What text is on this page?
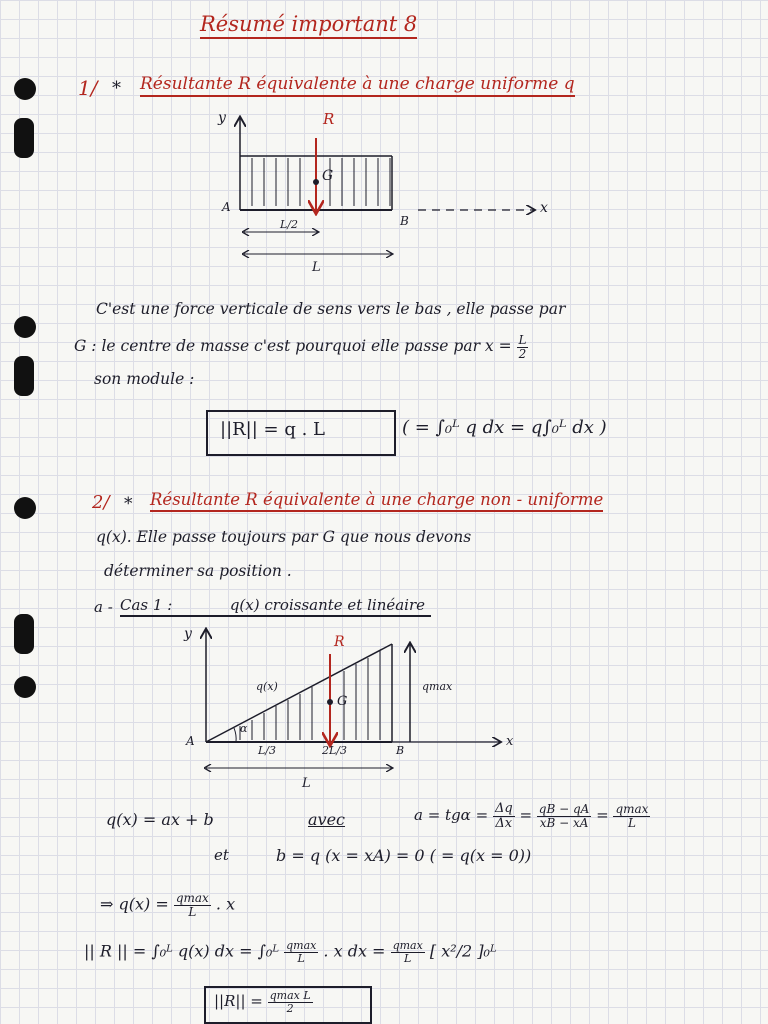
Résumé important 8
1/ * Résultante R équivalente à une charge uniforme q
y	R
G
A
B
x
L/2
L
C'est une force verticale de sens vers le bas , elle passe par
G : le centre de masse c'est pourquoi elle passe par $x = \frac{L}{2}$
son module :
||R|| = q . L	( = ∫₀ᴸ q dx = q∫₀ᴸ dx )
2/ * Résultante R équivalente à une charge non - uniforme
q(x). Elle passe toujours par G que nous devons
déterminer sa position .
a - Cas 1 :	q(x) croissante et linéaire
y	R
q(x)
G
qmax
α
A
B
x
L/3	2L/3
L
q(x) = ax + b	avec	$a = tg\alpha = \frac{\Delta q}{\Delta x} = \frac{qB - qA}{xB - xA} = \frac{qmax}{L}$
et	b = q (x = xA) = 0 ( = q(x = 0))
⇒ $q(x) = \frac{qmax}{L}$ . x
|| R || = ∫₀ᴸ q(x) dx = ∫₀ᴸ $\frac{qmax}{L}$ . x dx = $\frac{qmax}{L}$ [ x²/2 ]₀ᴸ
$||R|| = \frac{\text{qmax L}}{2}$
